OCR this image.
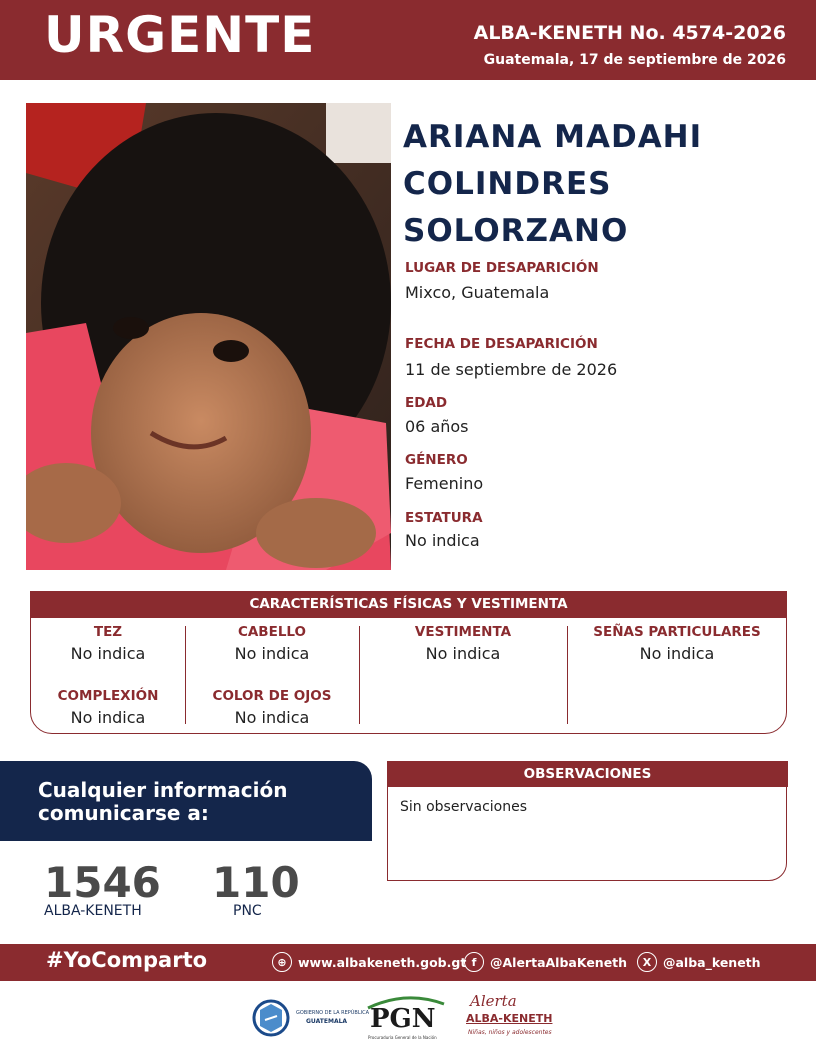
URGENTE	ALBA-KENETH No. 4574-2026
Guatemala, 17 de septiembre de 2026
ARIANA MADAHI
COLINDRES
SOLORZANO
LUGAR DE DESAPARICIÓN
Mixco, Guatemala
FECHA DE DESAPARICIÓN
11 de septiembre de 2026
EDAD
06 años
GÉNERO
Femenino
ESTATURA
No indica
CARACTERÍSTICAS FÍSICAS Y VESTIMENTA
TEZ
No indica
CABELLO
No indica
VESTIMENTA
No indica
SEÑAS PARTICULARES
No indica
COMPLEXIÓN
No indica
COLOR DE OJOS
No indica
Cualquier información
comunicarse a:
1546
ALBA-KENETH
110
PNC
OBSERVACIONES
Sin observaciones
#YoComparto	⊕ www.albakeneth.gob.gt f	@AlertaAlbaKeneth	X @alba_keneth
GOBIERNO DE LA REPÚBLICA
GUATEMALA PGN
Procuraduría General de la Nación
Alerta
ALBA-KENETH
Niñas, niños y adolescentes
